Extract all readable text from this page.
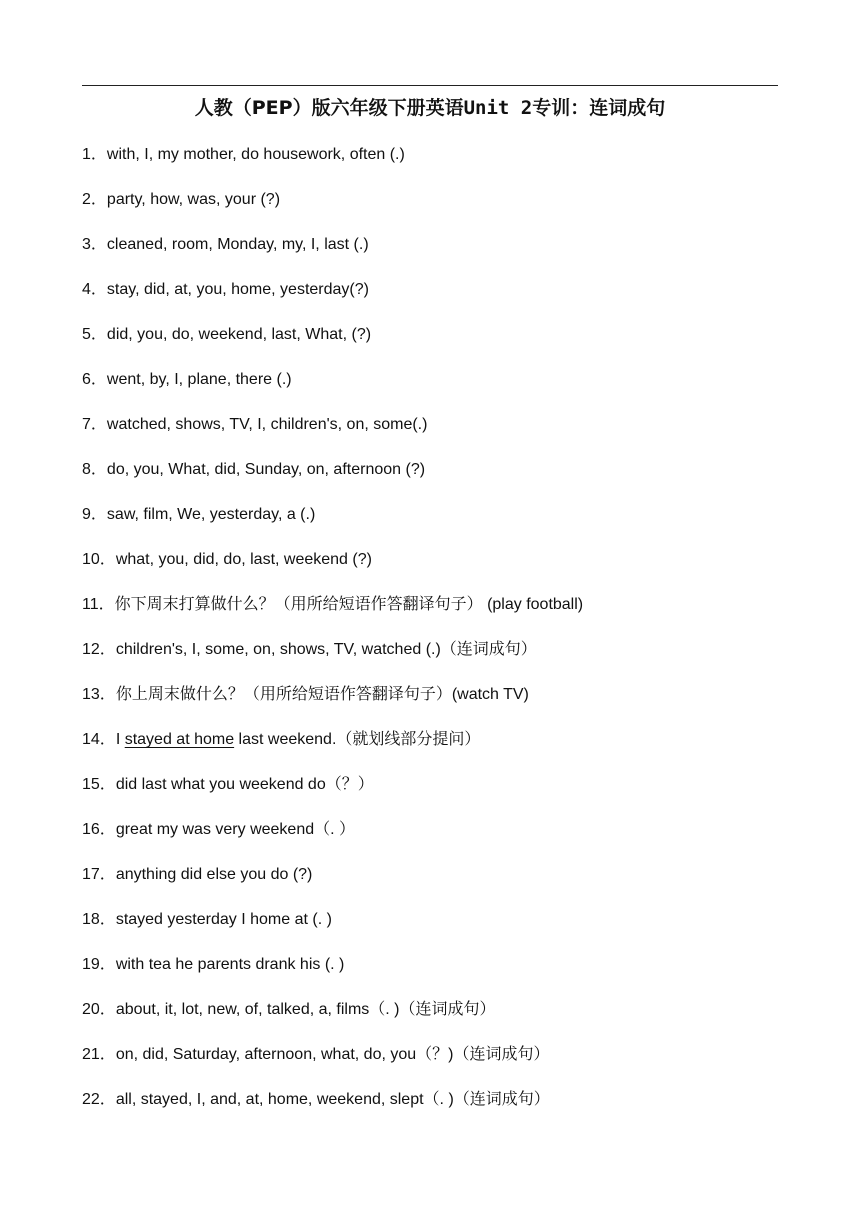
人教（PEP）版六年级下册英语Unit 2专训：连词成句
1．with, I, my mother, do housework, often (.)
2．party, how, was, your (?)
3．cleaned, room, Monday, my, I, last (.)
4．stay, did, at, you, home, yesterday(?)
5．did, you, do, weekend, last, What, (?)
6．went, by, I, plane, there (.)
7．watched, shows, TV, I, children's, on, some(.)
8．do, you, What, did, Sunday, on, afternoon (?)
9．saw, film, We, yesterday, a (.)
10．what, you, did, do, last, weekend (?)
11．你下周末打算做什么？（用所给短语作答翻译句子） (play football)
12．children's, I, some, on, shows, TV, watched (.)（连词成句）
13．你上周末做什么？（用所给短语作答翻译句子）(watch TV)
14．I stayed at home last weekend.（就划线部分提问）
15．did last what you weekend do（？）
16．great my was very weekend（. ）
17．anything did else you do (?)
18．stayed yesterday I home at (. )
19．with tea he parents drank his (. )
20．about, it, lot, new, of, talked, a, films（. )（连词成句）
21．on, did, Saturday, afternoon, what, do, you（？)（连词成句）
22．all, stayed, I, and, at, home, weekend, slept（. )（连词成句）
